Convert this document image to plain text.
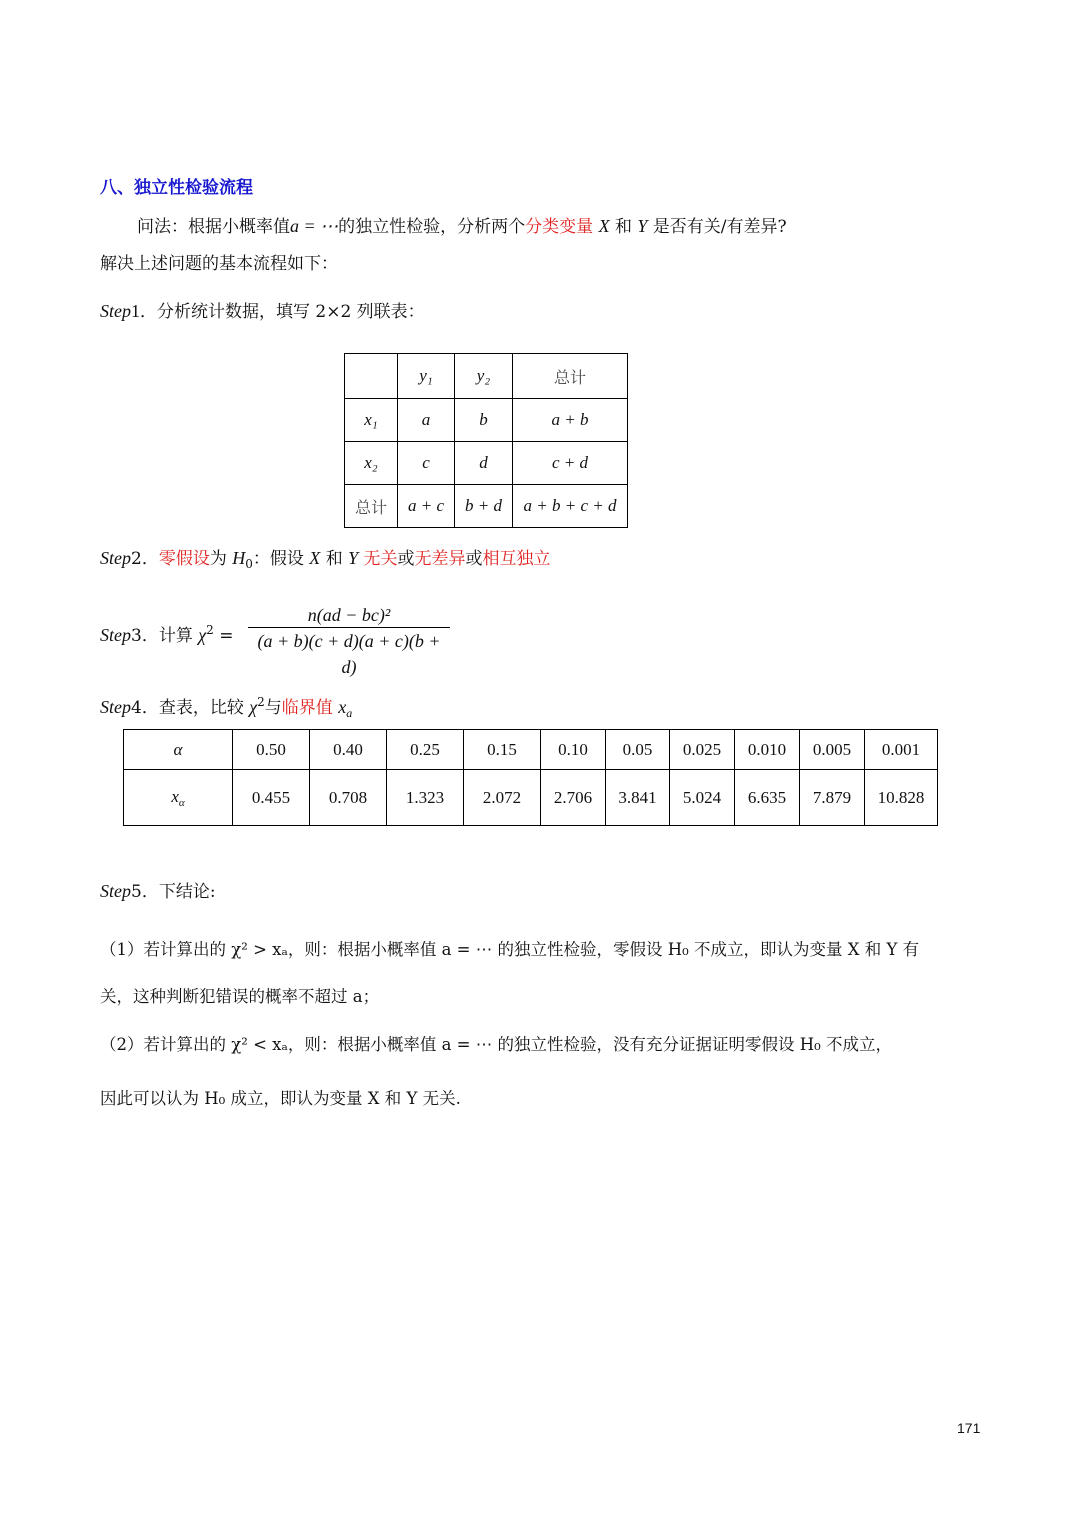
八、独立性检验流程
问法：根据小概率值a = ⋯的独立性检验，分析两个分类变量 X 和 Y 是否有关/有差异?
解决上述问题的基本流程如下：
Step1．分析统计数据，填写 2×2 列联表：
	y₁	y₂	总计
x₁	a	b	a + b
x₂	c	d	c + d
总计	a + c	b + d	a + b + c + d
Step2．零假设为 $H_0$：假设 X 和 Y 无关或无差异或相互独立
Step3．计算 $\chi^2 = \frac{\text{n(ad − bc)²}}{(a + b)(c + d)(a + c)(b + d)}$
Step4．查表，比较 $\chi^2$与临界值 $x_a$
α	0.50	0.40	0.25	0.15	0.10	0.05	0.025	0.010	0.005	0.001
$x_\alpha$	0.455	0.708	1.323	2.072	2.706	3.841	5.024	6.635	7.879	10.828
Step5．下结论:
（1）若计算出的 χ² > xₐ，则：根据小概率值 a = ⋯ 的独立性检验，零假设 H₀ 不成立，即认为变量 X 和 Y 有
关，这种判断犯错误的概率不超过 a；
（2）若计算出的 χ² < xₐ，则：根据小概率值 a = ⋯ 的独立性检验，没有充分证据证明零假设 H₀ 不成立，
因此可以认为 H₀ 成立，即认为变量 X 和 Y 无关.
171
